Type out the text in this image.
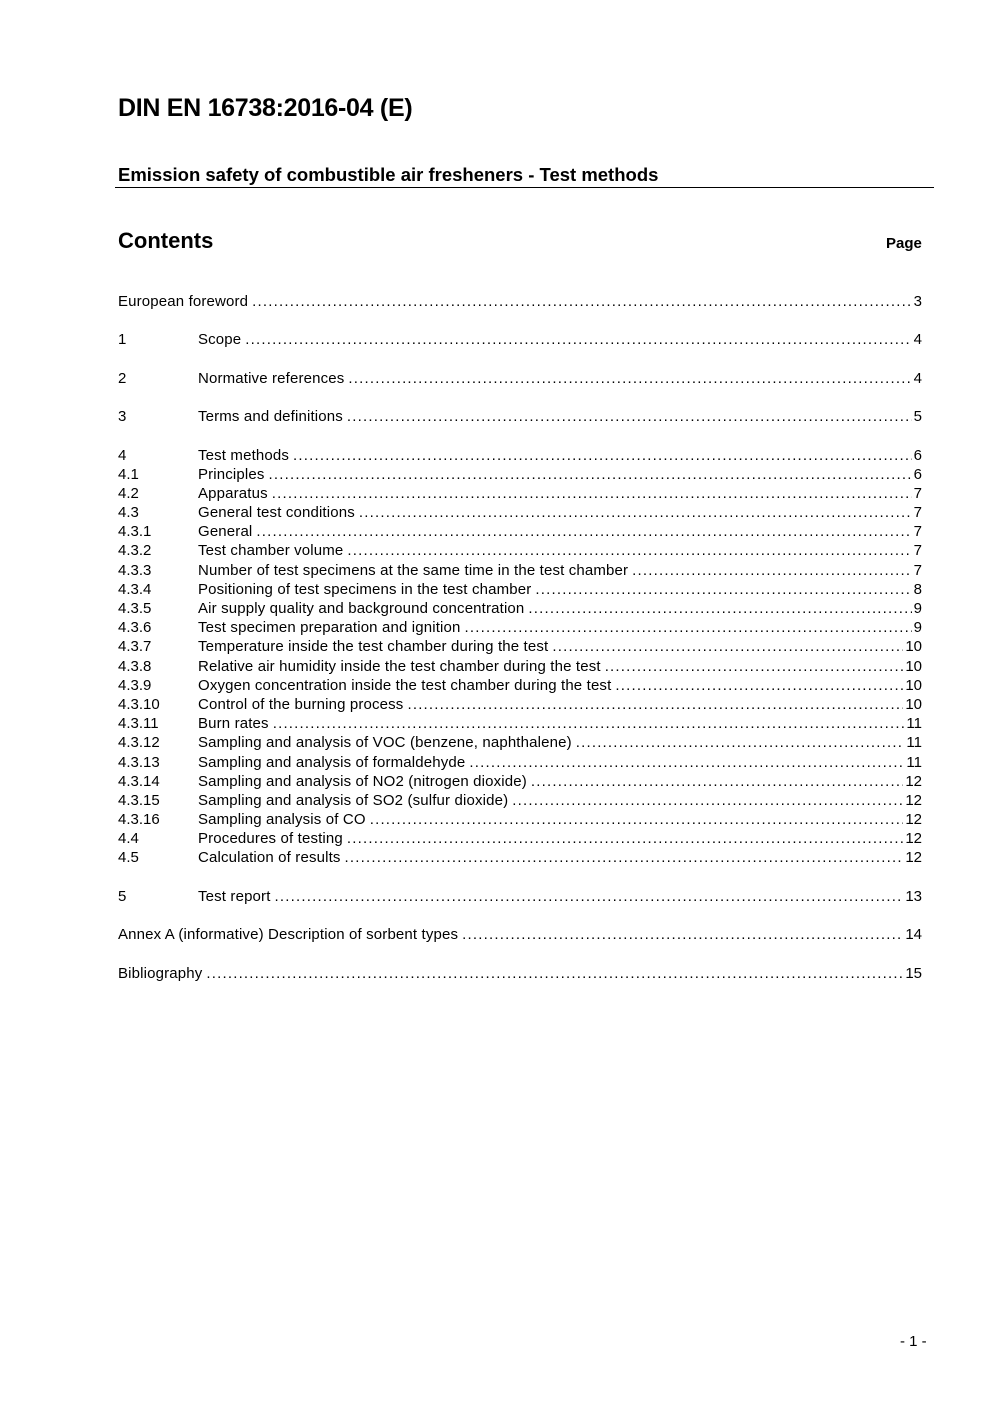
DIN EN 16738:2016-04 (E)
Emission safety of combustible air fresheners - Test methods
Contents	Page
European foreword .....	3
1	Scope .....	4
2	Normative references .....	4
3	Terms and definitions .....	5
4	Test methods .....	6
4.1	Principles .....	6
4.2	Apparatus .....	7
4.3	General test conditions .....	7
4.3.1	General .....	7
4.3.2	Test chamber volume .....	7
4.3.3	Number of test specimens at the same time in the test chamber .....	7
4.3.4	Positioning of test specimens in the test chamber .....	8
4.3.5	Air supply quality and background concentration .....	9
4.3.6	Test specimen preparation and ignition .....	9
4.3.7	Temperature inside the test chamber during the test .....	10
4.3.8	Relative air humidity inside the test chamber during the test .....	10
4.3.9	Oxygen concentration inside the test chamber during the test .....	10
4.3.10	Control of the burning process .....	10
4.3.11	Burn rates .....	11
4.3.12	Sampling and analysis of VOC (benzene, naphthalene) .....	11
4.3.13	Sampling and analysis of formaldehyde .....	11
4.3.14	Sampling and analysis of NO2 (nitrogen dioxide) .....	12
4.3.15	Sampling and analysis of SO2 (sulfur dioxide) .....	12
4.3.16	Sampling analysis of CO .....	12
4.4	Procedures of testing .....	12
4.5	Calculation of results .....	12
5	Test report .....	13
Annex A (informative) Description of sorbent types .....	14
Bibliography .....	15
- 1 -
